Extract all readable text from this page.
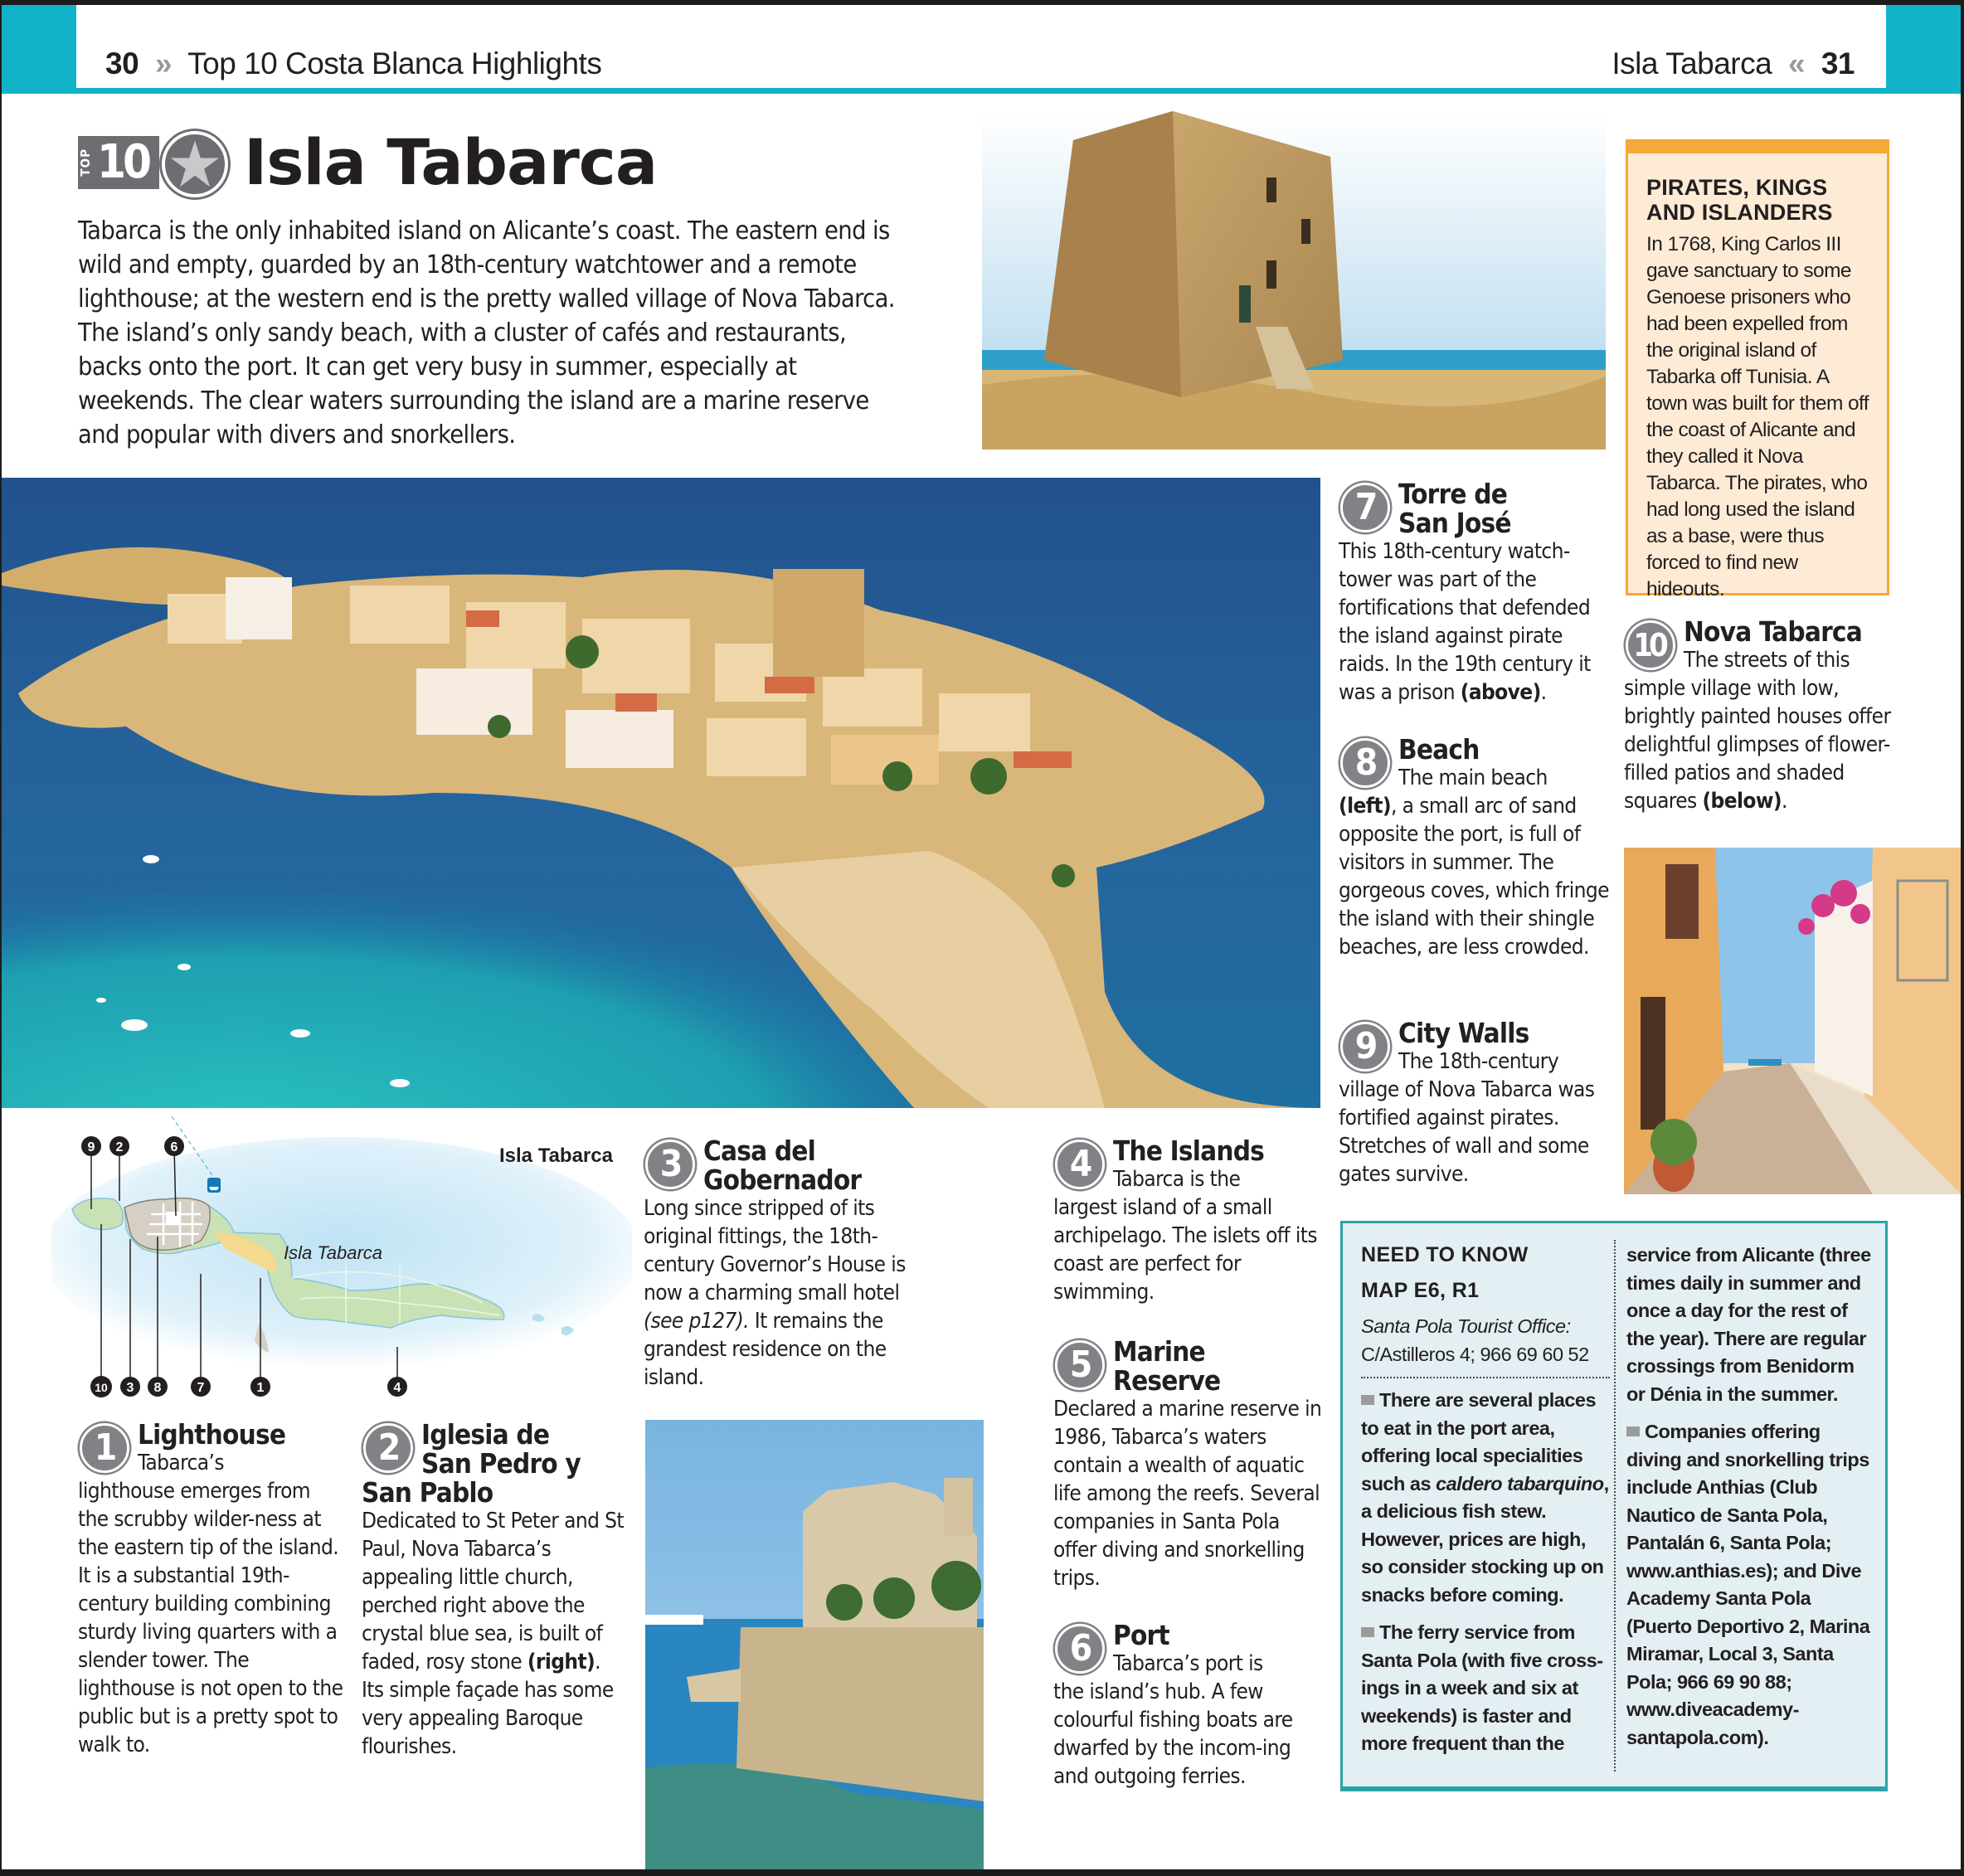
30 » Top 10 Costa Blanca Highlights	Isla Tabarca « 31
TOP 10 Isla Tabarca

Tabarca is the only inhabited island on Alicante’s coast. The eastern end is wild and empty, guarded by an 18th-century watchtower and a remote lighthouse; at the western end is the pretty walled village of Nova Tabarca. The island’s only sandy beach, with a cluster of cafés and restaurants, backs onto the port. It can get very busy in summer, especially at weekends. The clear waters surrounding the island are a marine reserve and popular with divers and snorkellers.

PIRATES, KINGS
AND ISLANDERS

In 1768, King Carlos III gave sanctuary to some Genoese prisoners who had been expelled from the original island of Tabarka off Tunisia. A town was built for them off the coast of Alicante and they called it Nova Tabarca. The pirates, who had long used the island as a base, were thus forced to find new hideouts.

9 2	6
10 3 8	7	1	4
Isla Tabarca
Isla Tabarca
1 Lighthouse

Tabarca’s

lighthouse emerges from the scrubby wilder-ness at the eastern tip of the island. It is a substantial 19th-century building combining sturdy living quarters with a slender tower. The lighthouse is not open to the public but is a pretty spot to walk to.

2 Iglesia de
San Pedro y
San Pablo

Dedicated to St Peter and St Paul, Nova Tabarca’s appealing little church, perched right above the crystal blue sea, is built of faded, rosy stone (right). Its simple façade has some very appealing Baroque flourishes.

3 Casa del
Gobernador

Long since stripped of its original fittings, the 18th-century Governor’s House is now a charming small hotel (see p127). It remains the grandest residence on the island.

4 The Islands

Tabarca is the

largest island of a small archipelago. The islets off its coast are perfect for swimming.

5 Marine
Reserve

Declared a marine reserve in 1986, Tabarca’s waters contain a wealth of aquatic life among the reefs. Several companies in Santa Pola offer diving and snorkelling trips.

6 Port

Tabarca’s port is

the island’s hub. A few colourful fishing boats are dwarfed by the incom-ing and outgoing ferries.

7 Torre de
San José

This 18th-century watch-tower was part of the fortifications that defended the island against pirate raids. In the 19th century it was a prison (above).

8 Beach

The main beach

(left), a small arc of sand opposite the port, is full of visitors in summer. The gorgeous coves, which fringe the island with their shingle beaches, are less crowded.

9 City Walls

The 18th-century

village of Nova Tabarca was fortified against pirates. Stretches of wall and some gates survive.

10 Nova Tabarca

The streets of this

simple village with low, brightly painted houses offer delightful glimpses of flower-filled patios and shaded squares (below).

NEED TO KNOW
MAP E6, R1
Santa Pola Tourist Office:
C/Astilleros 4; 966 69 60 52

There are several places to eat in the port area, offering local specialities such as caldero tabarquino, a delicious fish stew. However, prices are high, so consider stocking up on snacks before coming.

The ferry service from Santa Pola (with five cross-ings in a week and six at weekends) is faster and more frequent than the

service from Alicante (three times daily in summer and once a day for the rest of the year). There are regular crossings from Benidorm or Dénia in the summer.

Companies offering diving and snorkelling trips include Anthias (Club Nautico de Santa Pola, Pantalán 6, Santa Pola; www.anthias.es); and Dive Academy Santa Pola (Puerto Deportivo 2, Marina Miramar, Local 3, Santa Pola; 966 69 90 88; www.diveacademy-santapola.com).
